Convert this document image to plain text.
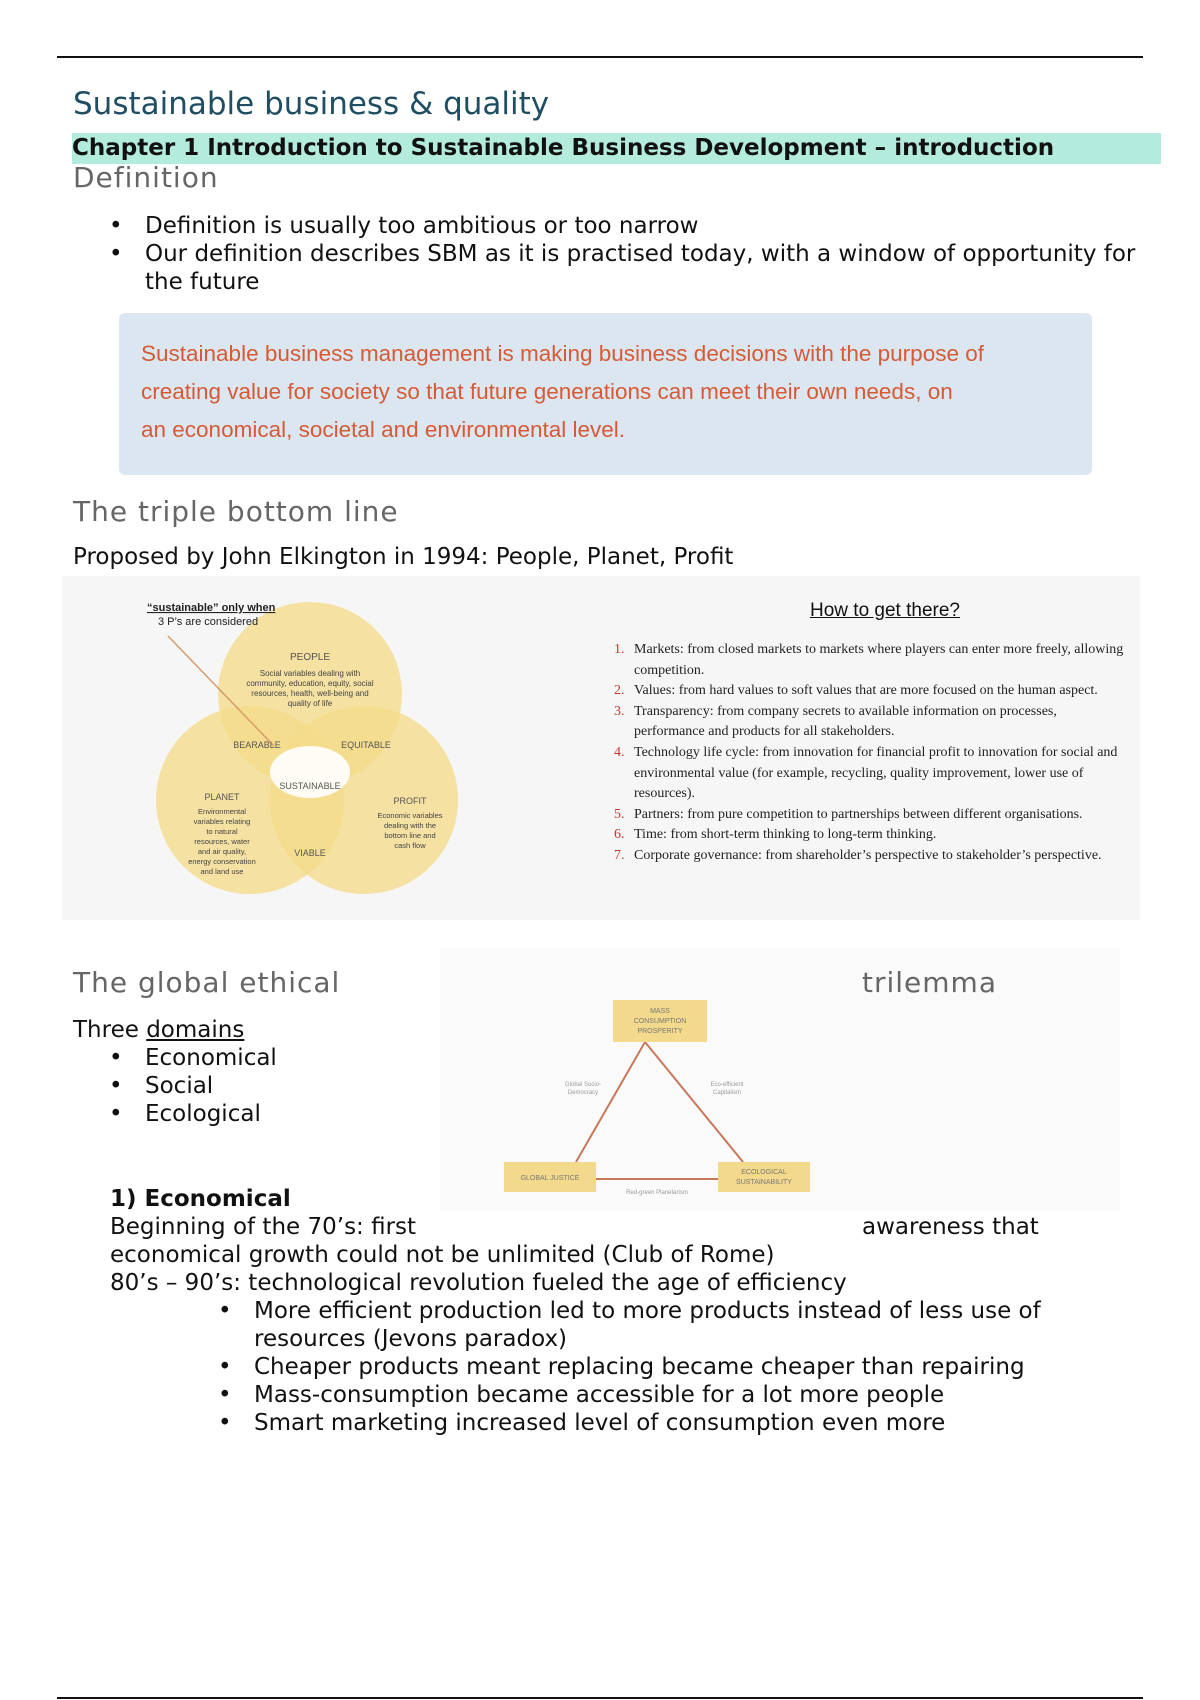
Sustainable business & quality
Chapter 1 Introduction to Sustainable Business Development – introduction
Definition
• Definition is usually too ambitious or too narrow
• Our definition describes SBM as it is practised today, with a window of opportunity for the future

Sustainable business management is making business decisions with the purpose of
creating value for society so that future generations can meet their own needs, on
an economical, societal and environmental level.

The triple bottom line
Proposed by John Elkington in 1994: People, Planet, Profit
“sustainable” only when
3 P’s are considered
PEOPLE
Social variables dealing with
community, education, equity, social
resources, health, well-being and
quality of life
BEARABLE	EQUITABLE
SUSTAINABLE
VIABLE
PLANET
Environmental
variables relating
to natural
resources, water
and air quality,
energy conservation
and land use
PROFIT
Economic variables
dealing with the
bottom line and
cash flow
How to get there?
1. Markets: from closed markets to markets where players can enter more freely, allowing competition.
2. Values: from hard values to soft values that are more focused on the human aspect.
3. Transparency: from company secrets to available information on processes, performance and products for all stakeholders.
4. Technology life cycle: from innovation for financial profit to innovation for social and environmental value (for example, recycling, quality improvement, lower use of resources).
5. Partners: from pure competition to partnerships between different organisations.
6. Time: from short-term thinking to long-term thinking.
7. Corporate governance: from shareholder’s perspective to stakeholder’s perspective.
The global ethical	trilemma
Three domains
• Economical
• Social
• Ecological
MASS
CONSUMPTION
PROSPERITY
GLOBAL JUSTICE
ECOLOGICAL
SUSTAINABILITY
Global Socio-
Democracy
Eco-efficient
Capitalism
Red-green Planetarism
1) Economical
Beginning of the 70’s: first	awareness that
economical growth could not be unlimited (Club of Rome)
80’s – 90’s: technological revolution fueled the age of efficiency
• More efficient production led to more products instead of less use of resources (Jevons paradox)
• Cheaper products meant replacing became cheaper than repairing
• Mass-consumption became accessible for a lot more people
• Smart marketing increased level of consumption even more
